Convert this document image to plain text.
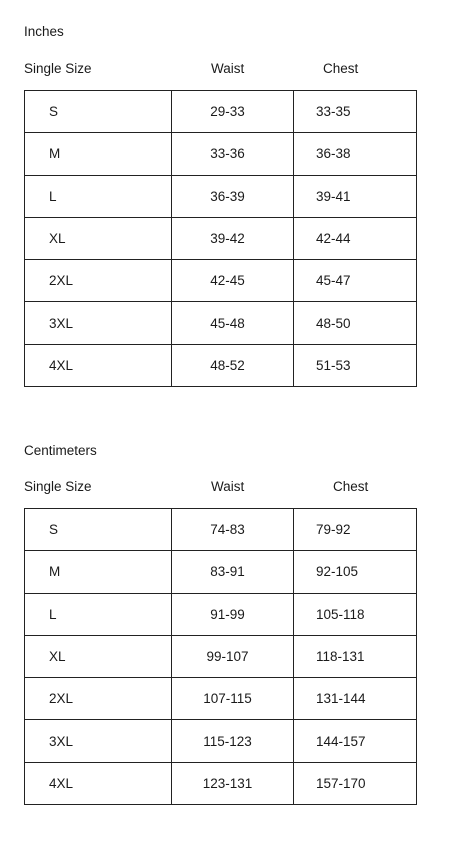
Inches
Single Size	Waist	Chest
S	29-33	33-35
M	33-36	36-38
L	36-39	39-41
XL	39-42	42-44
2XL	42-45	45-47
3XL	45-48	48-50
4XL	48-52	51-53
Centimeters
Single Size	Waist	Chest
S	74-83	79-92
M	83-91	92-105
L	91-99	105-118
XL	99-107	118-131
2XL	107-115	131-144
3XL	115-123	144-157
4XL	123-131	157-170
